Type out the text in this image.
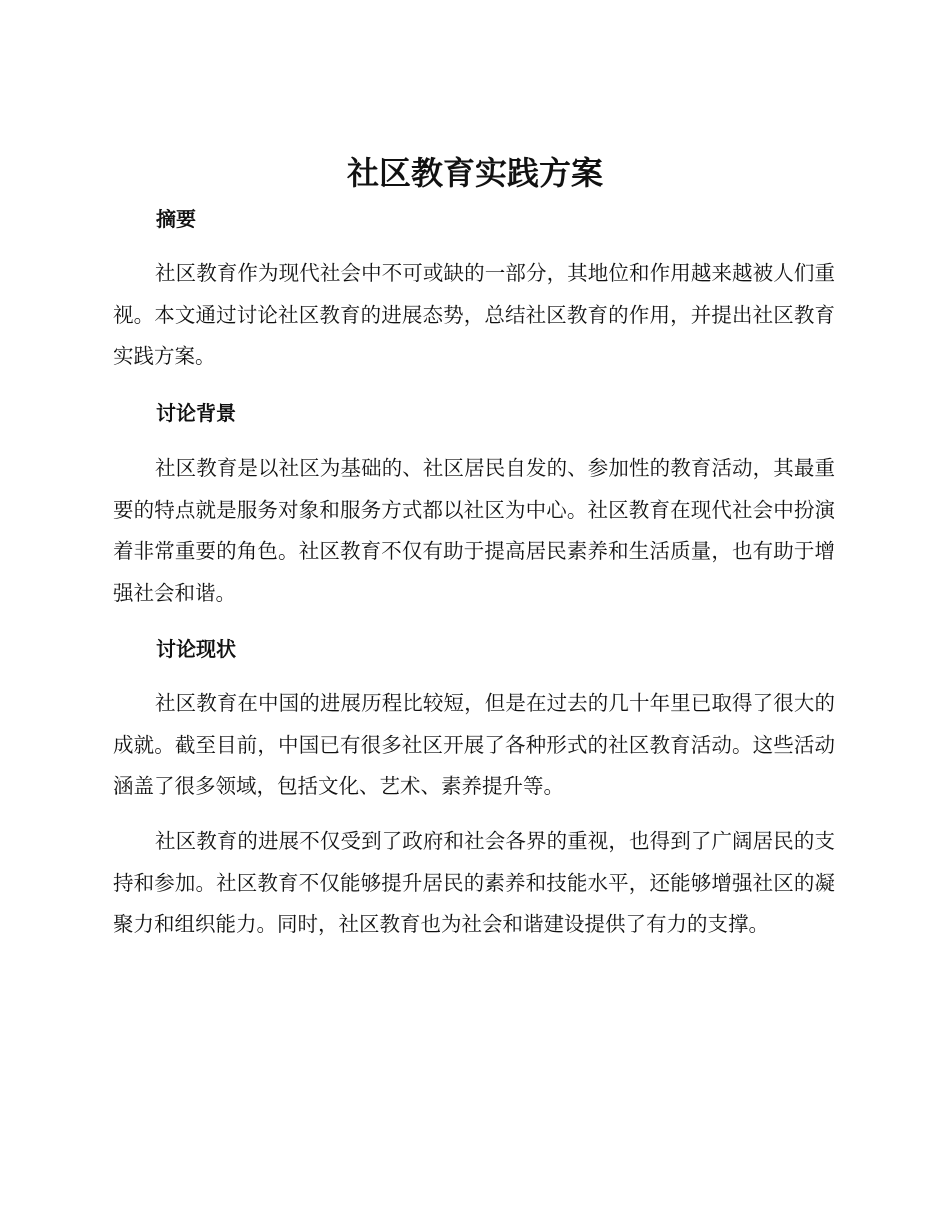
社区教育实践方案
摘要

社区教育作为现代社会中不可或缺的一部分，其地位和作用越来越被人们重视。本文通过讨论社区教育的进展态势，总结社区教育的作用，并提出社区教育实践方案。

讨论背景

社区教育是以社区为基础的、社区居民自发的、参加性的教育活动，其最重要的特点就是服务对象和服务方式都以社区为中心。社区教育在现代社会中扮演着非常重要的角色。社区教育不仅有助于提高居民素养和生活质量，也有助于增强社会和谐。

讨论现状

社区教育在中国的进展历程比较短，但是在过去的几十年里已取得了很大的成就。截至目前，中国已有很多社区开展了各种形式的社区教育活动。这些活动涵盖了很多领域，包括文化、艺术、素养提升等。

社区教育的进展不仅受到了政府和社会各界的重视，也得到了广阔居民的支持和参加。社区教育不仅能够提升居民的素养和技能水平，还能够增强社区的凝聚力和组织能力。同时，社区教育也为社会和谐建设提供了有力的支撑。
